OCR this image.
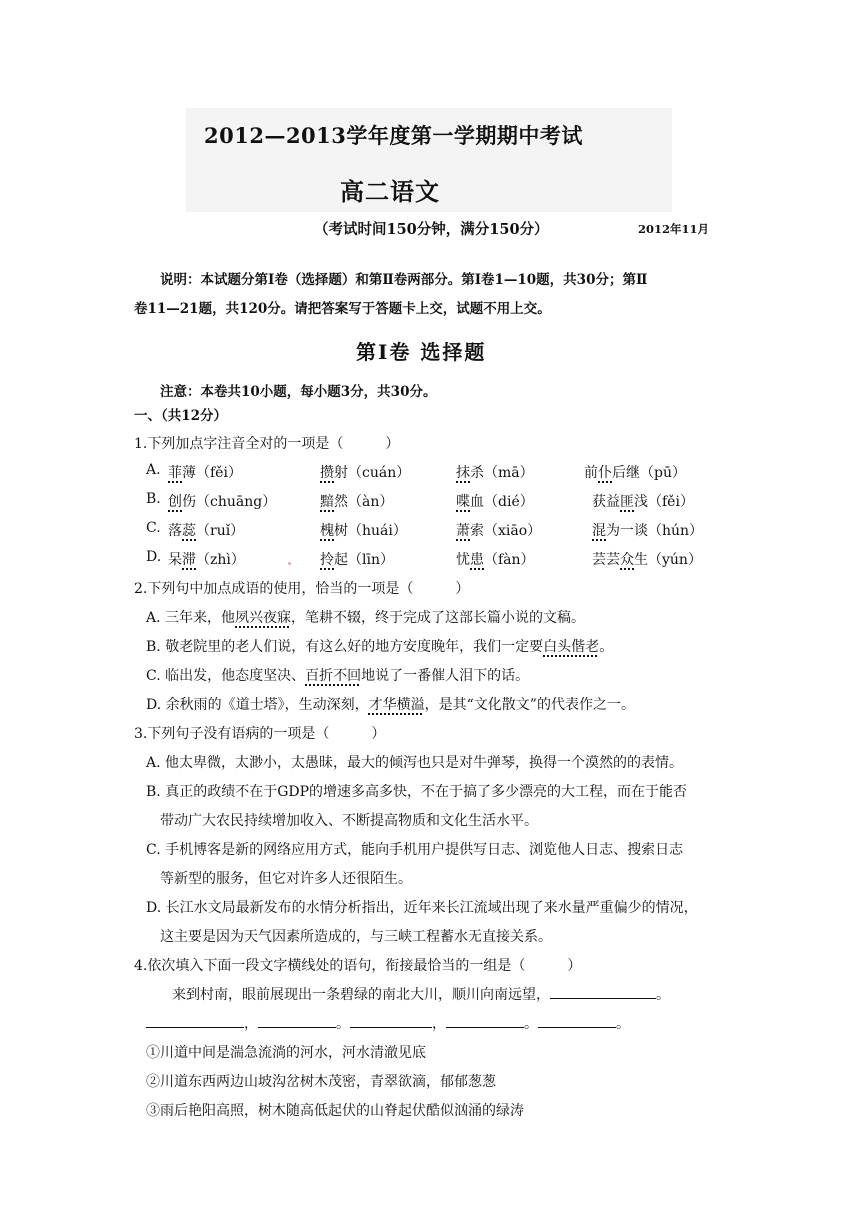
2012—2013学年度第一学期期中考试
高二语文
（考试时间150分钟，满分150分）	2012年11月
说明：本试题分第Ⅰ卷（选择题）和第Ⅱ卷两部分。第Ⅰ卷1—10题，共30分；第Ⅱ
卷11—21题，共120分。请把答案写于答题卡上交，试题不用上交。
第Ⅰ卷 选择题
注意：本卷共10小题，每小题3分，共30分。
一、（共12分）
1.下列加点字注音全对的一项是（　　　）
A. 菲薄（fěi）	攒射（cuán）	抹杀（mā）	前仆后继（pū）
B. 创伤（chuāng）	黯然（àn）	喋血（dié）	获益匪浅（fěi）
C. 落蕊（ruǐ）	槐树（huái）	萧索（xiāo）	混为一谈（hún）
D. 呆滞（zhì）	拎起（līn）	忧患（fàn）	芸芸众生（yún）
2.下列句中加点成语的使用，恰当的一项是（　　　）
A. 三年来，他夙兴夜寐，笔耕不辍，终于完成了这部长篇小说的文稿。
B. 敬老院里的老人们说，有这么好的地方安度晚年，我们一定要白头偕老。
C. 临出发，他态度坚决、百折不回地说了一番催人泪下的话。
D. 余秋雨的《道士塔》，生动深刻，才华横溢，是其“文化散文”的代表作之一。
3.下列句子没有语病的一项是（　　　）
A. 他太卑微，太渺小，太愚昧，最大的倾泻也只是对牛弹琴，换得一个漠然的的表情。
B. 真正的政绩不在于GDP的增速多高多快，不在于搞了多少漂亮的大工程，而在于能否
带动广大农民持续增加收入、不断提高物质和文化生活水平。
C. 手机博客是新的网络应用方式，能向手机用户提供写日志、浏览他人日志、搜索日志
等新型的服务，但它对许多人还很陌生。
D. 长江水文局最新发布的水情分析指出，近年来长江流域出现了来水量严重偏少的情况，
这主要是因为天气因素所造成的，与三峡工程蓄水无直接关系。
4.依次填入下面一段文字横线处的语句，衔接最恰当的一组是（　　　）
来到村南，眼前展现出一条碧绿的南北大川，顺川向南远望，	。
，	。	，	。	。
①川道中间是湍急流淌的河水，河水清澈见底
②川道东西两边山坡沟岔树木茂密，青翠欲滴，郁郁葱葱
③雨后艳阳高照，树木随高低起伏的山脊起伏酷似汹涌的绿涛
